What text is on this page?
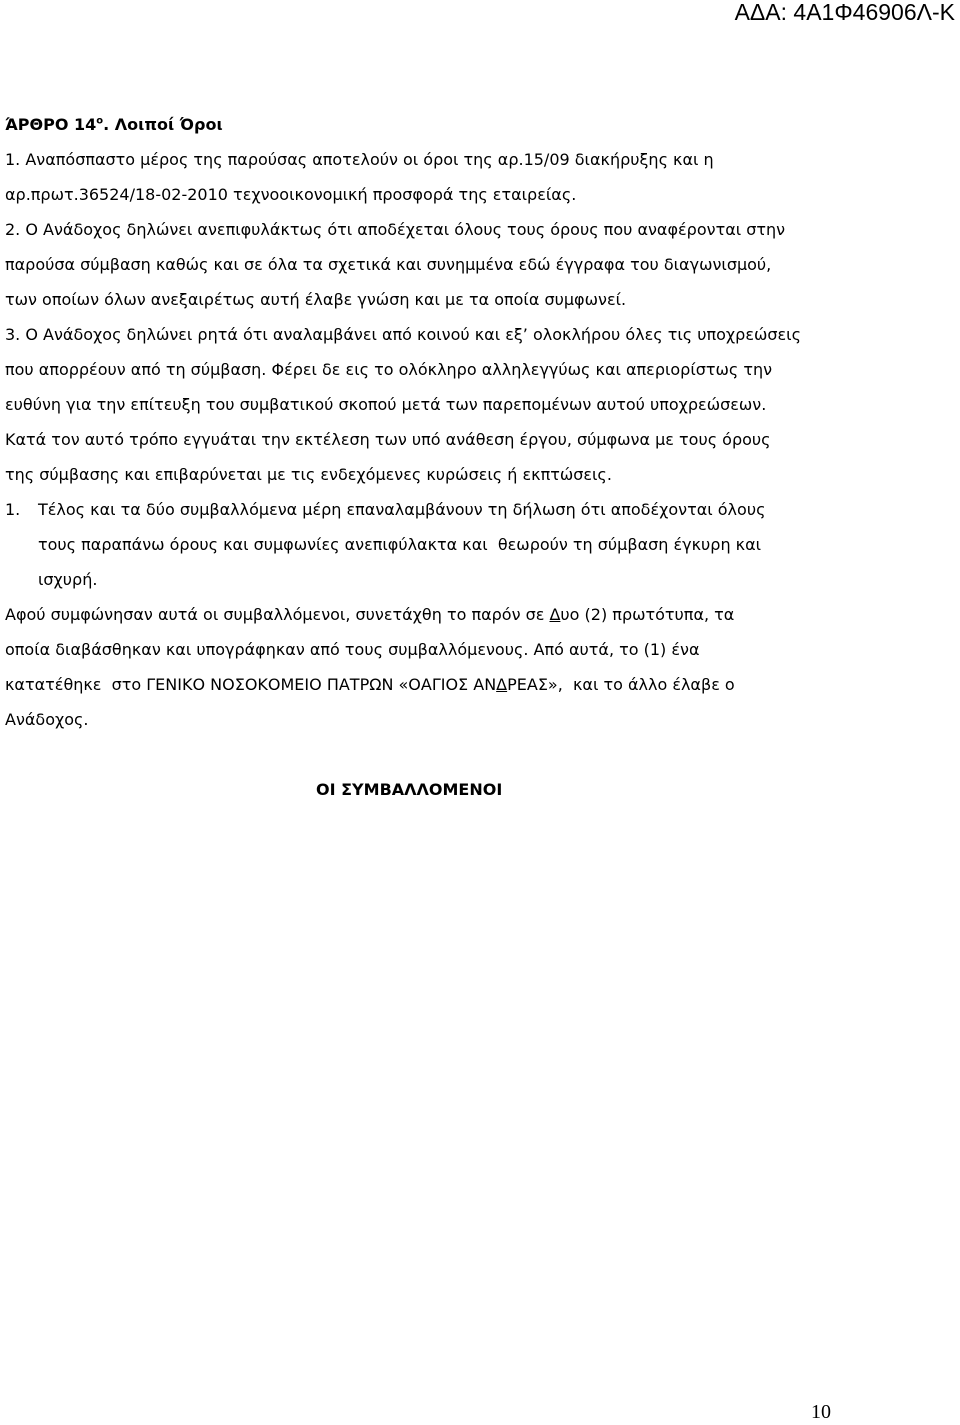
ΑΔΑ: 4Α1Φ46906Λ-Κ
ΆΡΘΡΟ $14^o$. Λοιποί Όροι
1. Αναπόσπαστο μέρος της παρούσας αποτελούν οι όροι της αρ.15/09 διακήρυξης και η
αρ.πρωτ.36524/18-02-2010 τεχνοοικονομική προσφορά της εταιρείας.
2. Ο Ανάδοχος δηλώνει ανεπιφυλάκτως ότι αποδέχεται όλους τους όρους που αναφέρονται στην
παρούσα σύμβαση καθώς και σε όλα τα σχετικά και συνημμένα εδώ έγγραφα του διαγωνισμού,
των οποίων όλων ανεξαιρέτως αυτή έλαβε γνώση και με τα οποία συμφωνεί.
3. Ο Ανάδοχος δηλώνει ρητά ότι αναλαμβάνει από κοινού και εξ’ ολοκλήρου όλες τις υποχρεώσεις
που απορρέουν από τη σύμβαση. Φέρει δε εις το ολόκληρο αλληλεγγύως και απεριορίστως την
ευθύνη για την επίτευξη του συμβατικού σκοπού μετά των παρεπομένων αυτού υποχρεώσεων.
Κατά τον αυτό τρόπο εγγυάται την εκτέλεση των υπό ανάθεση έργου, σύμφωνα με τους όρους
της σύμβασης και επιβαρύνεται με τις ενδεχόμενες κυρώσεις ή εκπτώσεις.
1.	Τέλος και τα δύο συμβαλλόμενα μέρη επαναλαμβάνουν τη δήλωση ότι αποδέχονται όλους
τους παραπάνω όρους και συμφωνίες ανεπιφύλακτα και  θεωρούν τη σύμβαση έγκυρη και
ισχυρή.
Αφού συμφώνησαν αυτά οι συμβαλλόμενοι, συνετάχθη το παρόν σε Δυο (2) πρωτότυπα, τα
οποία διαβάσθηκαν και υπογράφηκαν από τους συμβαλλόμενους. Από αυτά, το (1) ένα
κατατέθηκε  στο ΓΕΝΙΚΟ ΝΟΣΟΚΟΜΕΙΟ ΠΑΤΡΩΝ «ΟΑΓΙΟΣ ΑΝΔΡΕΑΣ»,  και το άλλο έλαβε ο
Ανάδοχος.
ΟΙ ΣΥΜΒΑΛΛΟΜΕΝΟΙ
10
